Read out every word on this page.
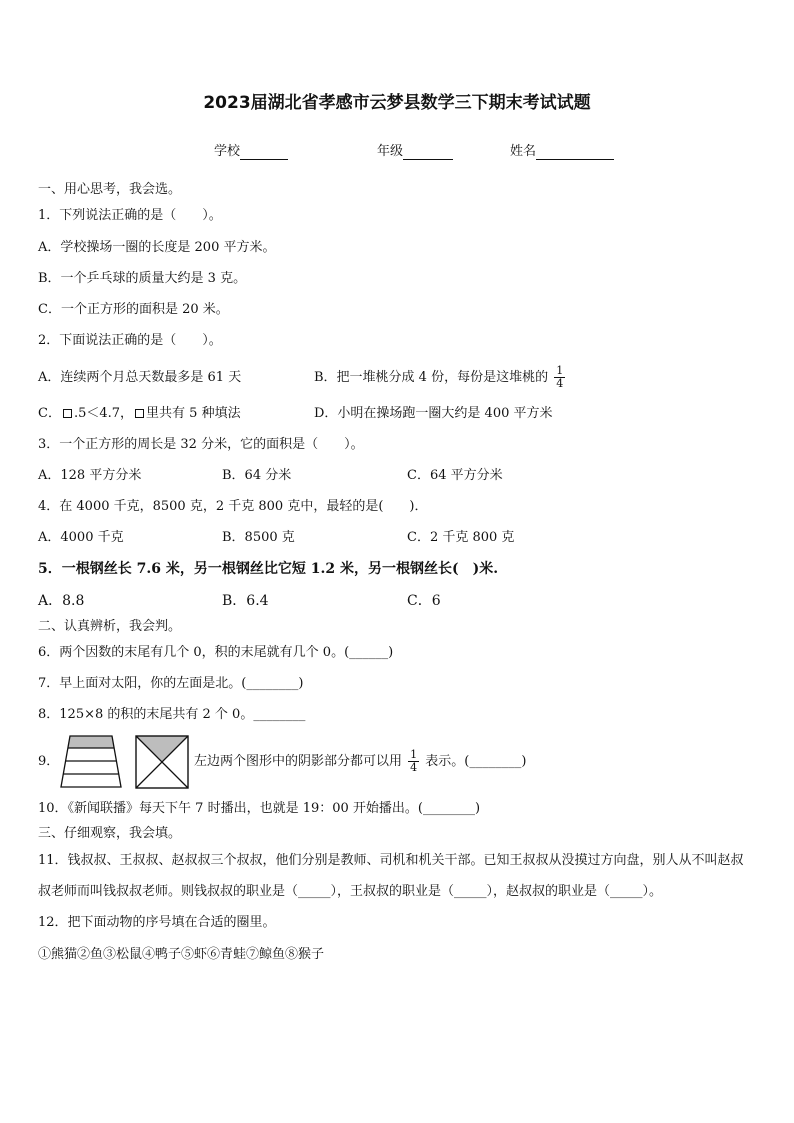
2023届湖北省孝感市云梦县数学三下期末考试试题
学校	年级	姓名
一、用心思考，我会选。
1．下列说法正确的是（　　）。
A．学校操场一圈的长度是 200 平方米。
B．一个乒乓球的质量大约是 3 克。
C．一个正方形的面积是 20 米。
2．下面说法正确的是（　　）。
A．连续两个月总天数最多是 61 天	B．把一堆桃分成 4 份，每份是这堆桃的 $\frac{1}{4}$
C． .5＜4.7， 里共有 5 种填法	D．小明在操场跑一圈大约是 400 平方米
3．一个正方形的周长是 32 分米，它的面积是（　　）。
A．128 平方分米	B．64 分米	C．64 平方分米
4．在 4000 千克，8500 克，2 千克 800 克中，最轻的是(　　)．
A．4000 千克	B．8500 克	C．2 千克 800 克
5．一根钢丝长 7.6 米，另一根钢丝比它短 1.2 米，另一根钢丝长(　)米.
A．8.8	B．6.4	C．6
二、认真辨析，我会判。
6．两个因数的末尾有几个 0，积的末尾就有几个 0。(______)
7．早上面对太阳，你的左面是北。(________)
8．125×8 的积的末尾共有 2 个 0。________
9．	左边两个图形中的阴影部分都可以用 $\frac{1}{4}$ 表示。(________)
10．《新闻联播》每天下午 7 时播出，也就是 19：00 开始播出。(________)
三、仔细观察，我会填。
11．钱叔叔、王叔叔、赵叔叔三个叔叔，他们分别是教师、司机和机关干部。已知王叔叔从没摸过方向盘，别人从不叫赵叔叔老师而叫钱叔叔老师。则钱叔叔的职业是（_____），王叔叔的职业是（_____），赵叔叔的职业是（_____）。
12．把下面动物的序号填在合适的圈里。
①熊猫②鱼③松鼠④鸭子⑤虾⑥青蛙⑦鲸鱼⑧猴子
